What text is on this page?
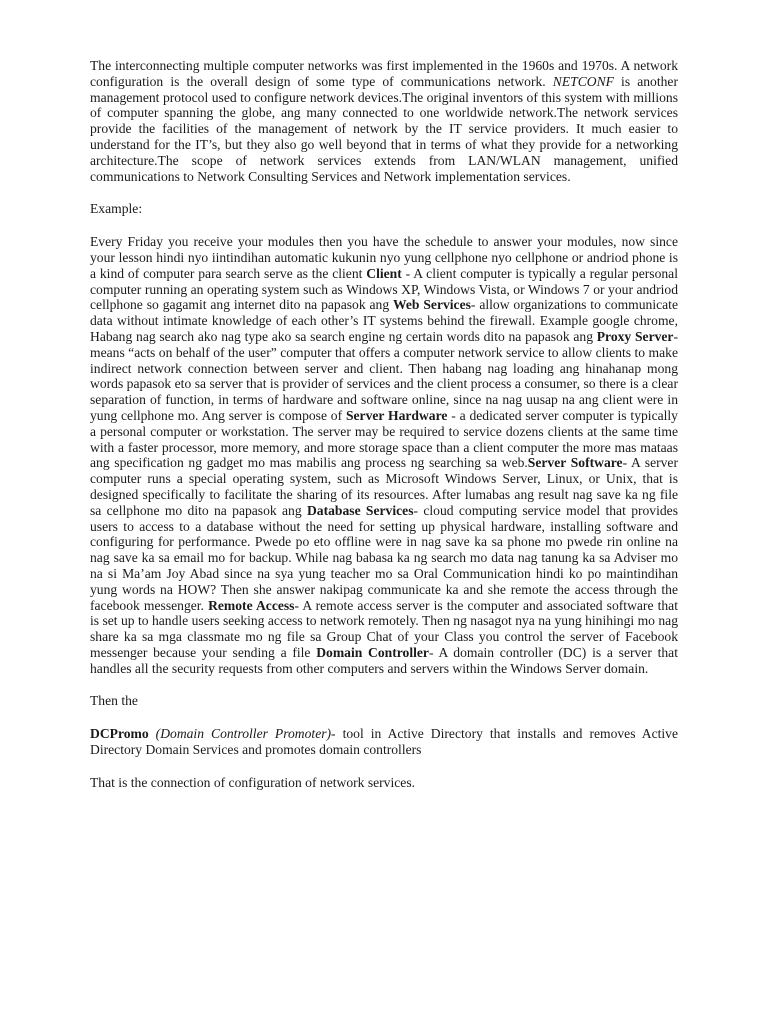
The interconnecting multiple computer networks was first implemented in the 1960s and 1970s. A network configuration is the overall design of some type of communications network. NETCONF is another management protocol used to configure network devices.The original inventors of this system with millions of computer spanning the globe, ang many connected to one worldwide network.The network services provide the facilities of the management of network by the IT service providers. It much easier to understand for the IT’s, but they also go well beyond that in terms of what they provide for a networking architecture.The scope of network services extends from LAN/WLAN management, unified communications to Network Consulting Services and Network implementation services.

Example:

Every Friday you receive your modules then you have the schedule to answer your modules, now since your lesson hindi nyo iintindihan automatic kukunin nyo yung cellphone nyo cellphone or andriod phone is a kind of computer para search serve as the client Client - A client computer is typically a regular personal computer running an operating system such as Windows XP, Windows Vista, or Windows 7 or your andriod cellphone so gagamit ang internet dito na papasok ang Web Services- allow organizations to communicate data without intimate knowledge of each other’s IT systems behind the firewall. Example google chrome, Habang nag search ako nag type ako sa search engine ng certain words dito na papasok ang Proxy Server- means “acts on behalf of the user” computer that offers a computer network service to allow clients to make indirect network connection between server and client. Then habang nag loading ang hinahanap mong words papasok eto sa server that is provider of services and the client process a consumer, so there is a clear separation of function, in terms of hardware and software online, since na nag uusap na ang client were in yung cellphone mo. Ang server is compose of Server Hardware - a dedicated server computer is typically a personal computer or workstation. The server may be required to service dozens clients at the same time with a faster processor, more memory, and more storage space than a client computer the more mas mataas ang specification ng gadget mo mas mabilis ang process ng searching sa web.Server Software- A server computer runs a special operating system, such as Microsoft Windows Server, Linux, or Unix, that is designed specifically to facilitate the sharing of its resources. After lumabas ang result nag save ka ng file sa cellphone mo dito na papasok ang Database Services- cloud computing service model that provides users to access to a database without the need for setting up physical hardware, installing software and configuring for performance. Pwede po eto offline were in nag save ka sa phone mo pwede rin online na nag save ka sa email mo for backup. While nag babasa ka ng search mo data nag tanung ka sa Adviser mo na si Ma’am Joy Abad since na sya yung teacher mo sa Oral Communication hindi ko po maintindihan yung words na HOW? Then she answer nakipag communicate ka and she remote the access through the facebook messenger. Remote Access- A remote access server is the computer and associated software that is set up to handle users seeking access to network remotely. Then ng nasagot nya na yung hinihingi mo nag share ka sa mga classmate mo ng file sa Group Chat of your Class you control the server of Facebook messenger because your sending a file Domain Controller- A domain controller (DC) is a server that handles all the security requests from other computers and servers within the Windows Server domain.

Then the

DCPromo (Domain Controller Promoter)- tool in Active Directory that installs and removes Active Directory Domain Services and promotes domain controllers

That is the connection of configuration of network services.
